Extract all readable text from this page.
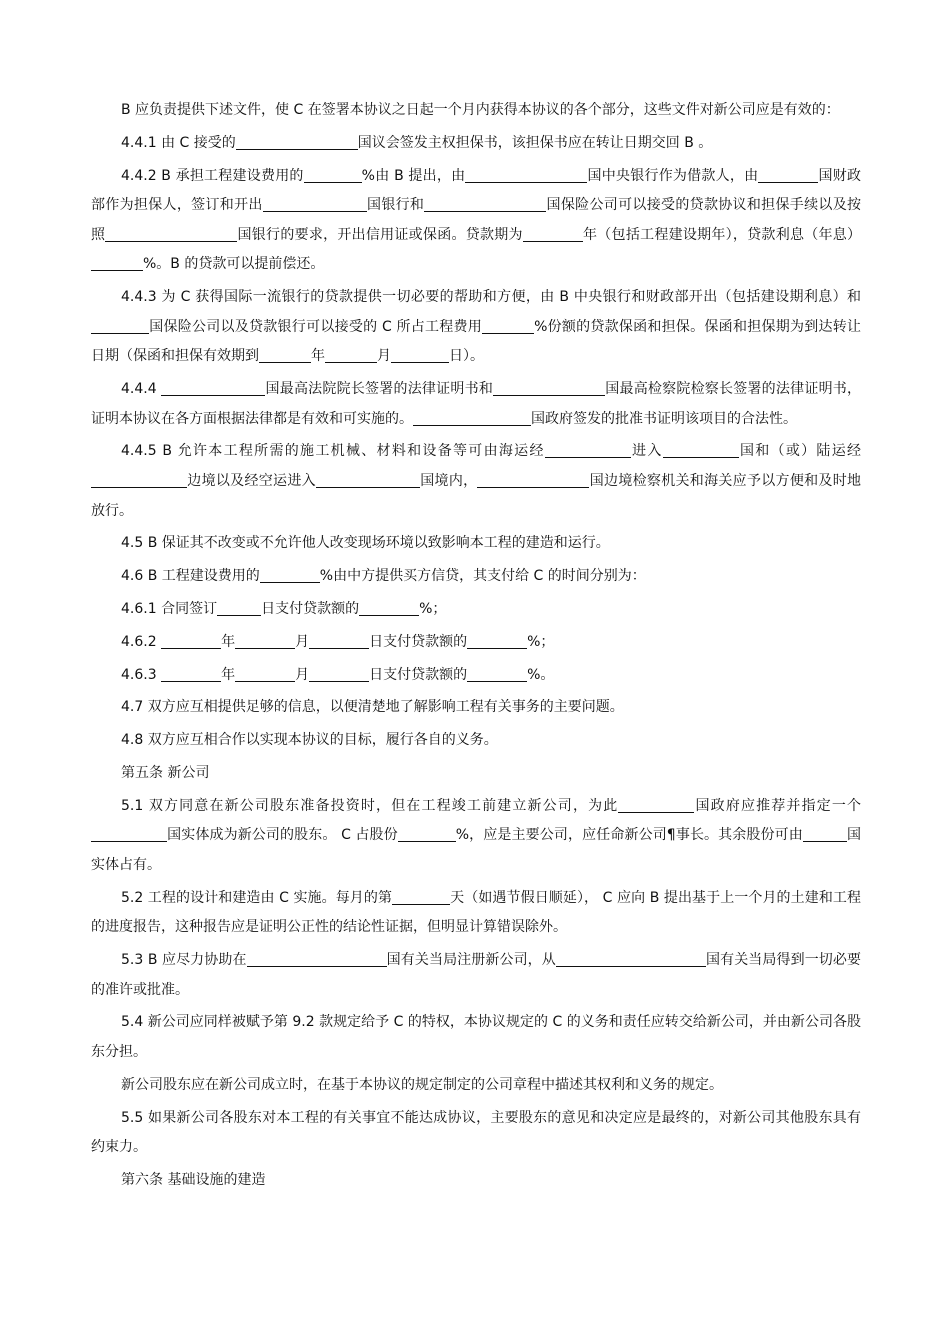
B 应负责提供下述文件，使 C 在签署本协议之日起一个月内获得本协议的各个部分，这些文件对新公司应是有效的：

4.4.1 由 C 接受的	国议会签发主权担保书，该担保书应在转让日期交回 B 。

4.4.2 B 承担工程建设费用的	%由 B 提出，由	国中央银行作为借款人，由	国财政部作为担保人，签订和开出	国银行和	国保险公司可以接受的贷款协议和担保手续以及按照	国银行的要求，开出信用证或保函。贷款期为	年（包括工程建设期年），贷款利息（年息）%。B 的贷款可以提前偿还。

4.4.3 为 C 获得国际一流银行的贷款提供一切必要的帮助和方便，由 B 中央银行和财政部开出（包括建设期利息）和国保险公司以及贷款银行可以接受的 C 所占工程费用	%份额的贷款保函和担保。保函和担保期为到达转让日期（保函和担保有效期到	年	月	日）。

4.4.4	国最高法院院长签署的法律证明书和	国最高检察院检察长签署的法律证明书，证明本协议在各方面根据法律都是有效和可实施的。	国政府签发的批准书证明该项目的合法性。

4.4.5 B 允许本工程所需的施工机械、材料和设备等可由海运经	进入	国和（或）陆运经边境以及经空运进入	国境内，	国边境检察机关和海关应予以方便和及时地放行。

4.5 B 保证其不改变或不允许他人改变现场环境以致影响本工程的建造和运行。

4.6 B 工程建设费用的	%由中方提供买方信贷，其支付给 C 的时间分别为：

4.6.1 合同签订	日支付贷款额的	%；

4.6.2	年	月	日支付贷款额的	%；

4.6.3	年	月	日支付贷款额的	%。

4.7 双方应互相提供足够的信息，以便清楚地了解影响工程有关事务的主要问题。

4.8 双方应互相合作以实现本协议的目标，履行各自的义务。

第五条 新公司

5.1 双方同意在新公司股东准备投资时，但在工程竣工前建立新公司，为此	国政府应推荐并指定一个国实体成为新公司的股东。 C 占股份	%，应是主要公司，应任命新公司¶事长。其余股份可由	国实体占有。

5.2 工程的设计和建造由 C 实施。每月的第	天（如遇节假日顺延）， C 应向 B 提出基于上一个月的土建和工程的进度报告，这种报告应是证明公正性的结论性证据，但明显计算错误除外。

5.3 B 应尽力协助在	国有关当局注册新公司，从	国有关当局得到一切必要的准许或批准。

5.4 新公司应同样被赋予第 9.2 款规定给予 C 的特权，本协议规定的 C 的义务和责任应转交给新公司，并由新公司各股东分担。

新公司股东应在新公司成立时，在基于本协议的规定制定的公司章程中描述其权利和义务的规定。

5.5 如果新公司各股东对本工程的有关事宜不能达成协议，主要股东的意见和决定应是最终的，对新公司其他股东具有约束力。

第六条 基础设施的建造
